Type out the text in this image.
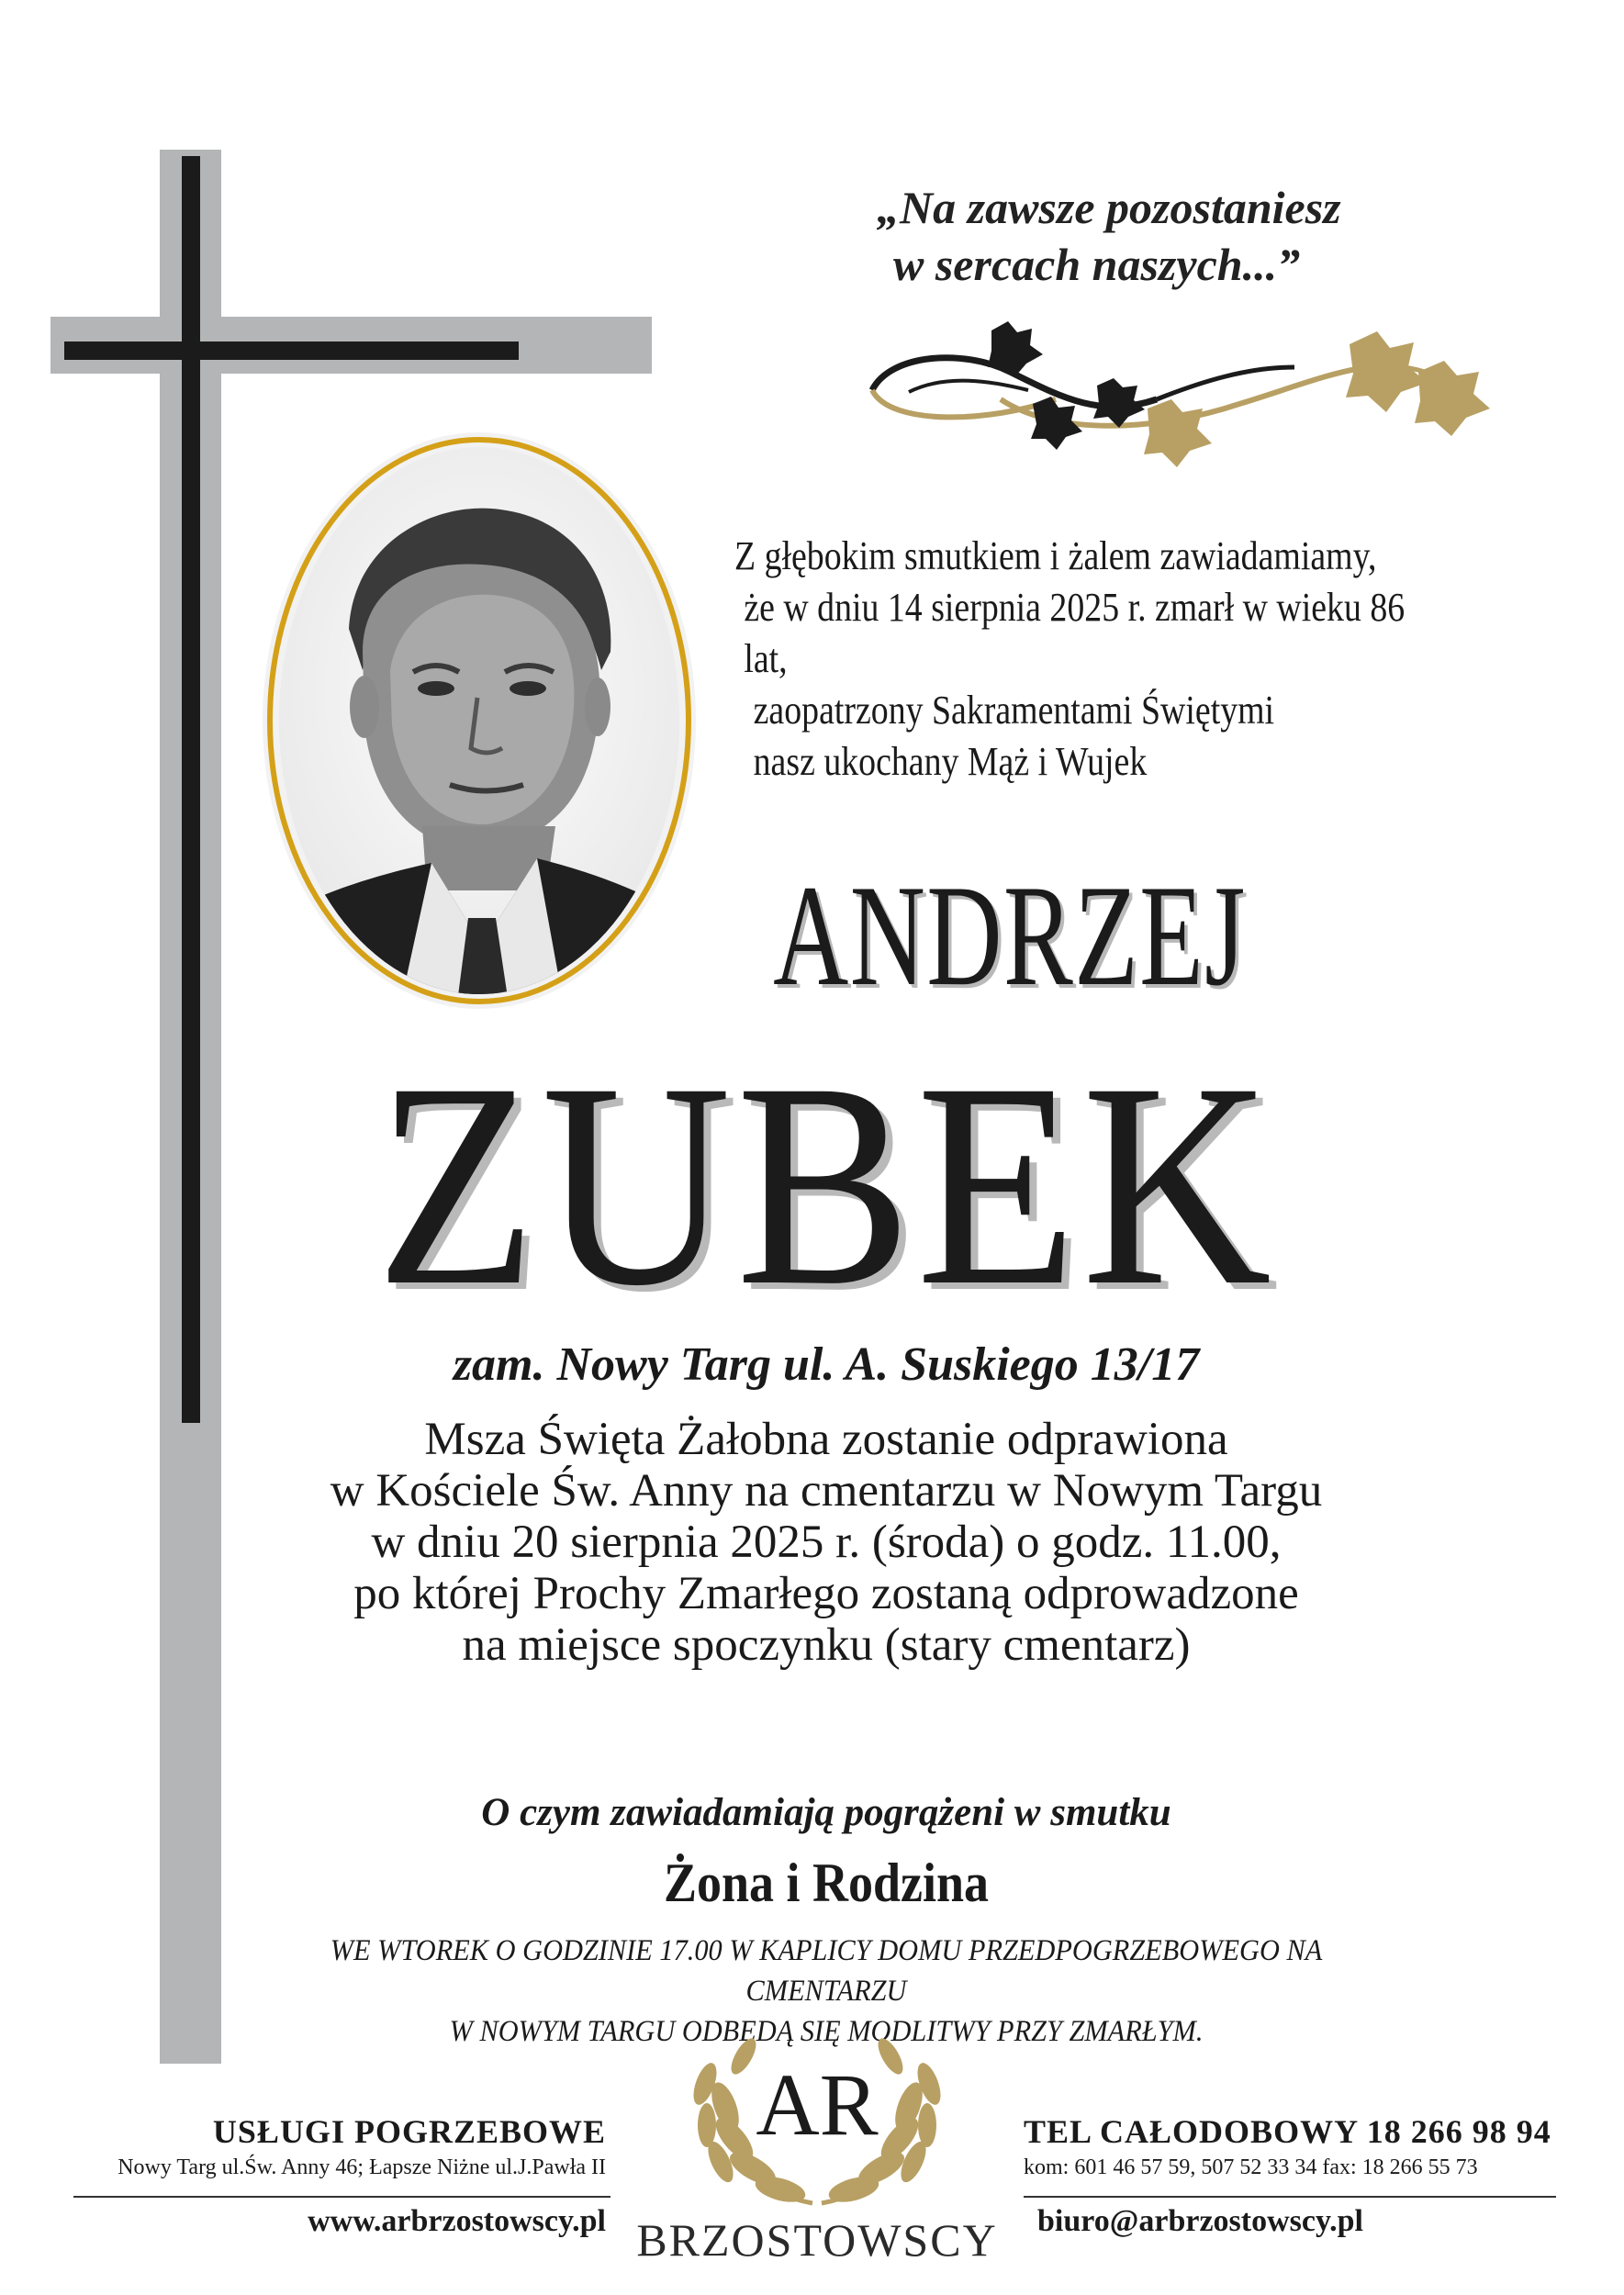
„Na zawsze pozostaniesz
w sercach naszych...”
Z głębokim smutkiem i żalem zawiadamiamy,
że w dniu 14 sierpnia 2025 r. zmarł w wieku 86 lat,
zaopatrzony Sakramentami Świętymi
nasz ukochany Mąż i Wujek
ANDRZEJ
ZUBEK
zam. Nowy Targ ul. A. Suskiego 13/17
Msza Święta Żałobna zostanie odprawiona
w Kościele Św. Anny na cmentarzu w Nowym Targu
w dniu 20 sierpnia 2025 r. (środa) o godz. 11.00,
po której Prochy Zmarłego zostaną odprowadzone
na miejsce spoczynku (stary cmentarz)
O czym zawiadamiają pogrążeni w smutku
Żona i Rodzina
WE WTOREK O GODZINIE 17.00 W KAPLICY DOMU PRZEDPOGRZEBOWEGO NA CMENTARZU
W NOWYM TARGU ODBĘDĄ SIĘ MODLITWY PRZY ZMARŁYM.
USŁUGI POGRZEBOWE
Nowy Targ ul.Św. Anny 46; Łapsze Niżne ul.J.Pawła II
www.arbrzostowscy.pl
AR
BRZOSTOWSCY
TEL CAŁODOBOWY 18 266 98 94
kom: 601 46 57 59, 507 52 33 34 fax: 18 266 55 73
biuro@arbrzostowscy.pl
